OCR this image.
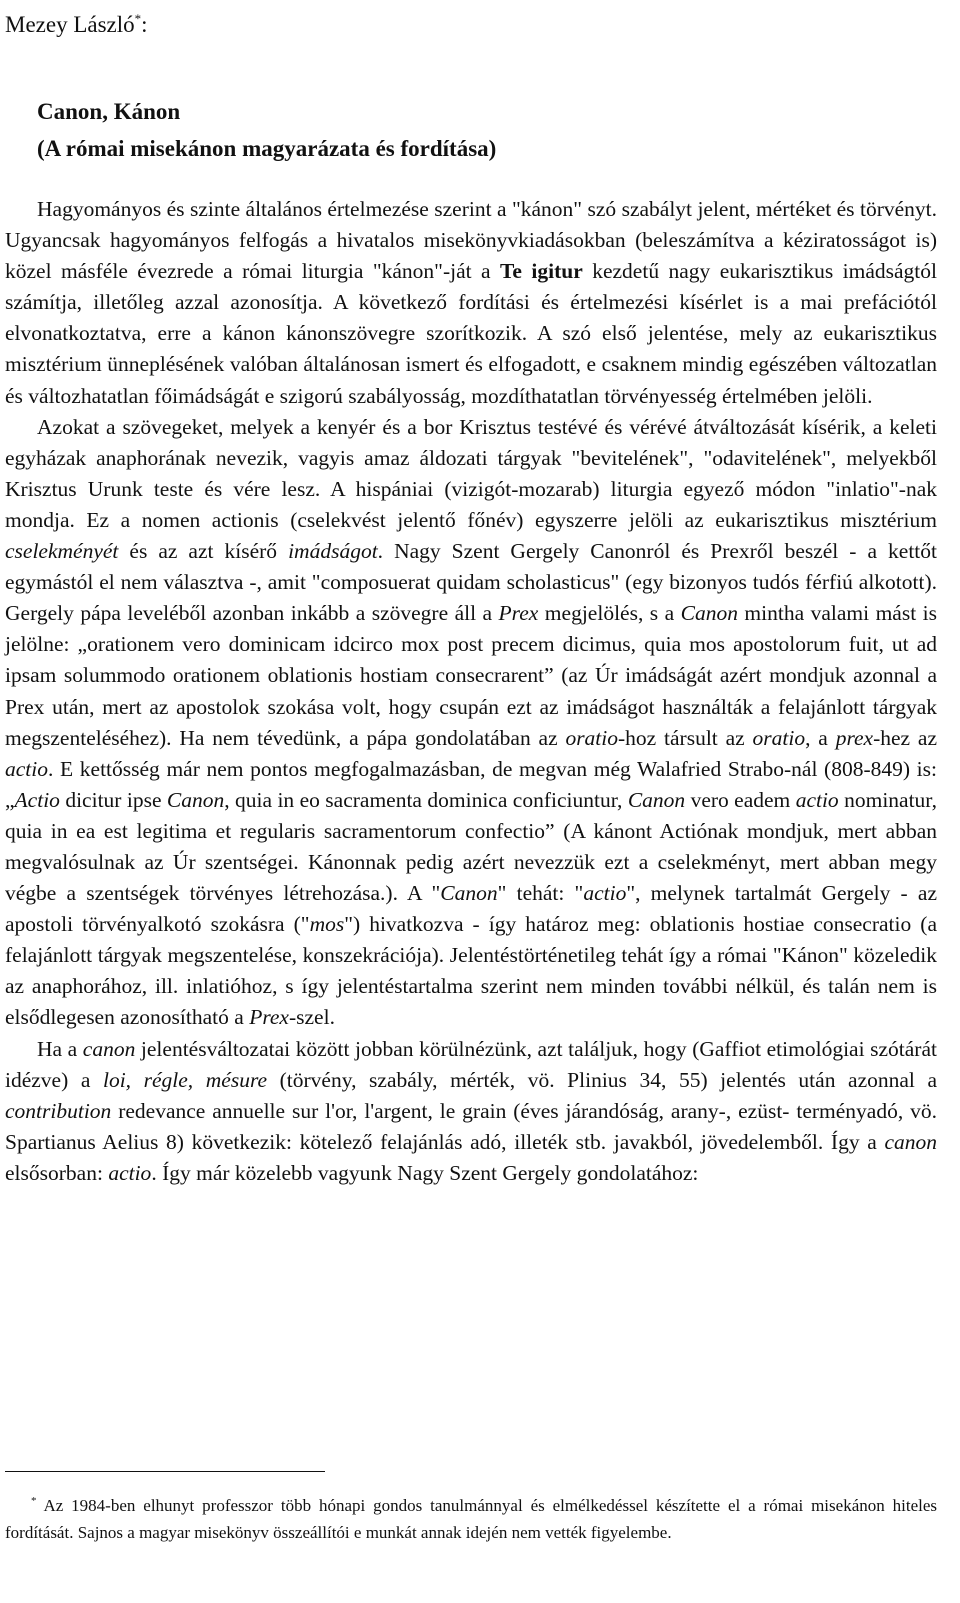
Mezey László*:
Canon, Kánon
(A római misekánon magyarázata és fordítása)

Hagyományos és szinte általános értelmezése szerint a "kánon" szó szabályt jelent, mértéket és törvényt. Ugyancsak hagyományos felfogás a hivatalos misekönyvkiadásokban (beleszámítva a kéziratosságot is) közel másféle évezrede a római liturgia "kánon"-ját a Te igitur kezdetű nagy eukarisztikus imádságtól számítja, illetőleg azzal azonosítja. A következő fordítási és értelmezési kísérlet is a mai prefációtól elvonatkoztatva, erre a kánon kánonszövegre szorítkozik. A szó első jelentése, mely az eukarisztikus misztérium ünneplésének valóban általánosan ismert és elfogadott, e csaknem mindig egészében változatlan és változhatatlan főimádságát e szigorú szabályosság, mozdíthatatlan törvényesség értelmében jelöli.

Azokat a szövegeket, melyek a kenyér és a bor Krisztus testévé és vérévé átváltozását kísérik, a keleti egyházak anaphorának nevezik, vagyis amaz áldozati tárgyak "bevitelének", "odavitelének", melyekből Krisztus Urunk teste és vére lesz. A hispániai (vizigót-mozarab) liturgia egyező módon "inlatio"-nak mondja. Ez a nomen actionis (cselekvést jelentő főnév) egyszerre jelöli az eukarisztikus misztérium cselekményét és az azt kísérő imádságot. Nagy Szent Gergely Canonról és Prexről beszél - a kettőt egymástól el nem választva -, amit "composuerat quidam scholasticus" (egy bizonyos tudós férfiú alkotott). Gergely pápa leveléből azonban inkább a szövegre áll a Prex megjelölés, s a Canon mintha valami mást is jelölne: „orationem vero dominicam idcirco mox post precem dicimus, quia mos apostolorum fuit, ut ad ipsam solummodo orationem oblationis hostiam consecrarent” (az Úr imádságát azért mondjuk azonnal a Prex után, mert az apostolok szokása volt, hogy csupán ezt az imádságot használták a felajánlott tárgyak megszenteléséhez). Ha nem tévedünk, a pápa gondolatában az oratio-hoz társult az oratio, a prex-hez az actio. E kettősség már nem pontos megfogalmazásban, de megvan még Walafried Strabo-nál (808-849) is: „Actio dicitur ipse Canon, quia in eo sacramenta dominica conficiuntur, Canon vero eadem actio nominatur, quia in ea est legitima et regularis sacramentorum confectio” (A kánont Actiónak mondjuk, mert abban megvalósulnak az Úr szentségei. Kánonnak pedig azért nevezzük ezt a cselekményt, mert abban megy végbe a szentségek törvényes létrehozása.). A "Canon" tehát: "actio", melynek tartalmát Gergely - az apostoli törvényalkotó szokásra ("mos") hivatkozva - így határoz meg: oblationis hostiae consecratio (a felajánlott tárgyak megszentelése, konszekrációja). Jelentéstörténetileg tehát így a római "Kánon" közeledik az anaphorához, ill. inlatióhoz, s így jelentéstartalma szerint nem minden további nélkül, és talán nem is elsődlegesen azonosítható a Prex-szel.

Ha a canon jelentésváltozatai között jobban körülnézünk, azt találjuk, hogy (Gaffiot etimológiai szótárát idézve) a loi, régle, mésure (törvény, szabály, mérték, vö. Plinius 34, 55) jelentés után azonnal a contribution redevance annuelle sur l'or, l'argent, le grain (éves járandóság, arany-, ezüst- terményadó, vö. Spartianus Aelius 8) következik: kötelező felajánlás adó, illeték stb. javakból, jövedelemből. Így a canon elsősorban: actio. Így már közelebb vagyunk Nagy Szent Gergely gondolatához:

* Az 1984-ben elhunyt professzor több hónapi gondos tanulmánnyal és elmélkedéssel készítette el a római misekánon hiteles fordítását. Sajnos a magyar misekönyv összeállítói e munkát annak idején nem vették figyelembe.
